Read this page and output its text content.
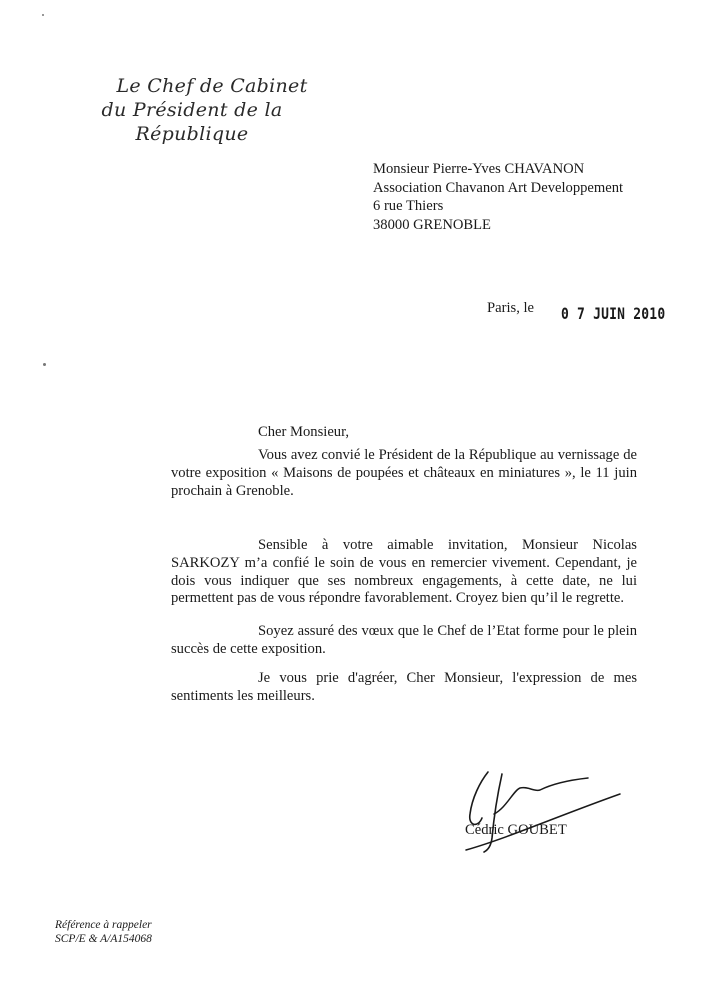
Le Chef de Cabinet
du Président de la République
Monsieur Pierre-Yves CHAVANON
Association Chavanon Art Developpement
6 rue Thiers
38000 GRENOBLE
Paris, le 0 7 JUIN 2010
Cher Monsieur,

Vous avez convié le Président de la République au vernissage de votre exposition « Maisons de poupées et châteaux en miniatures », le 11 juin prochain à Grenoble.

Sensible à votre aimable invitation, Monsieur Nicolas SARKOZY m’a confié le soin de vous en remercier vivement. Cependant, je dois vous indiquer que ses nombreux engagements, à cette date, ne lui permettent pas de vous répondre favorablement. Croyez bien qu’il le regrette.

Soyez assuré des vœux que le Chef de l’Etat forme pour le plein succès de cette exposition.

Je vous prie d'agréer, Cher Monsieur, l'expression de mes sentiments les meilleurs.

Cédric GOUBET
Référence à rappeler
SCP/E & A/A154068
